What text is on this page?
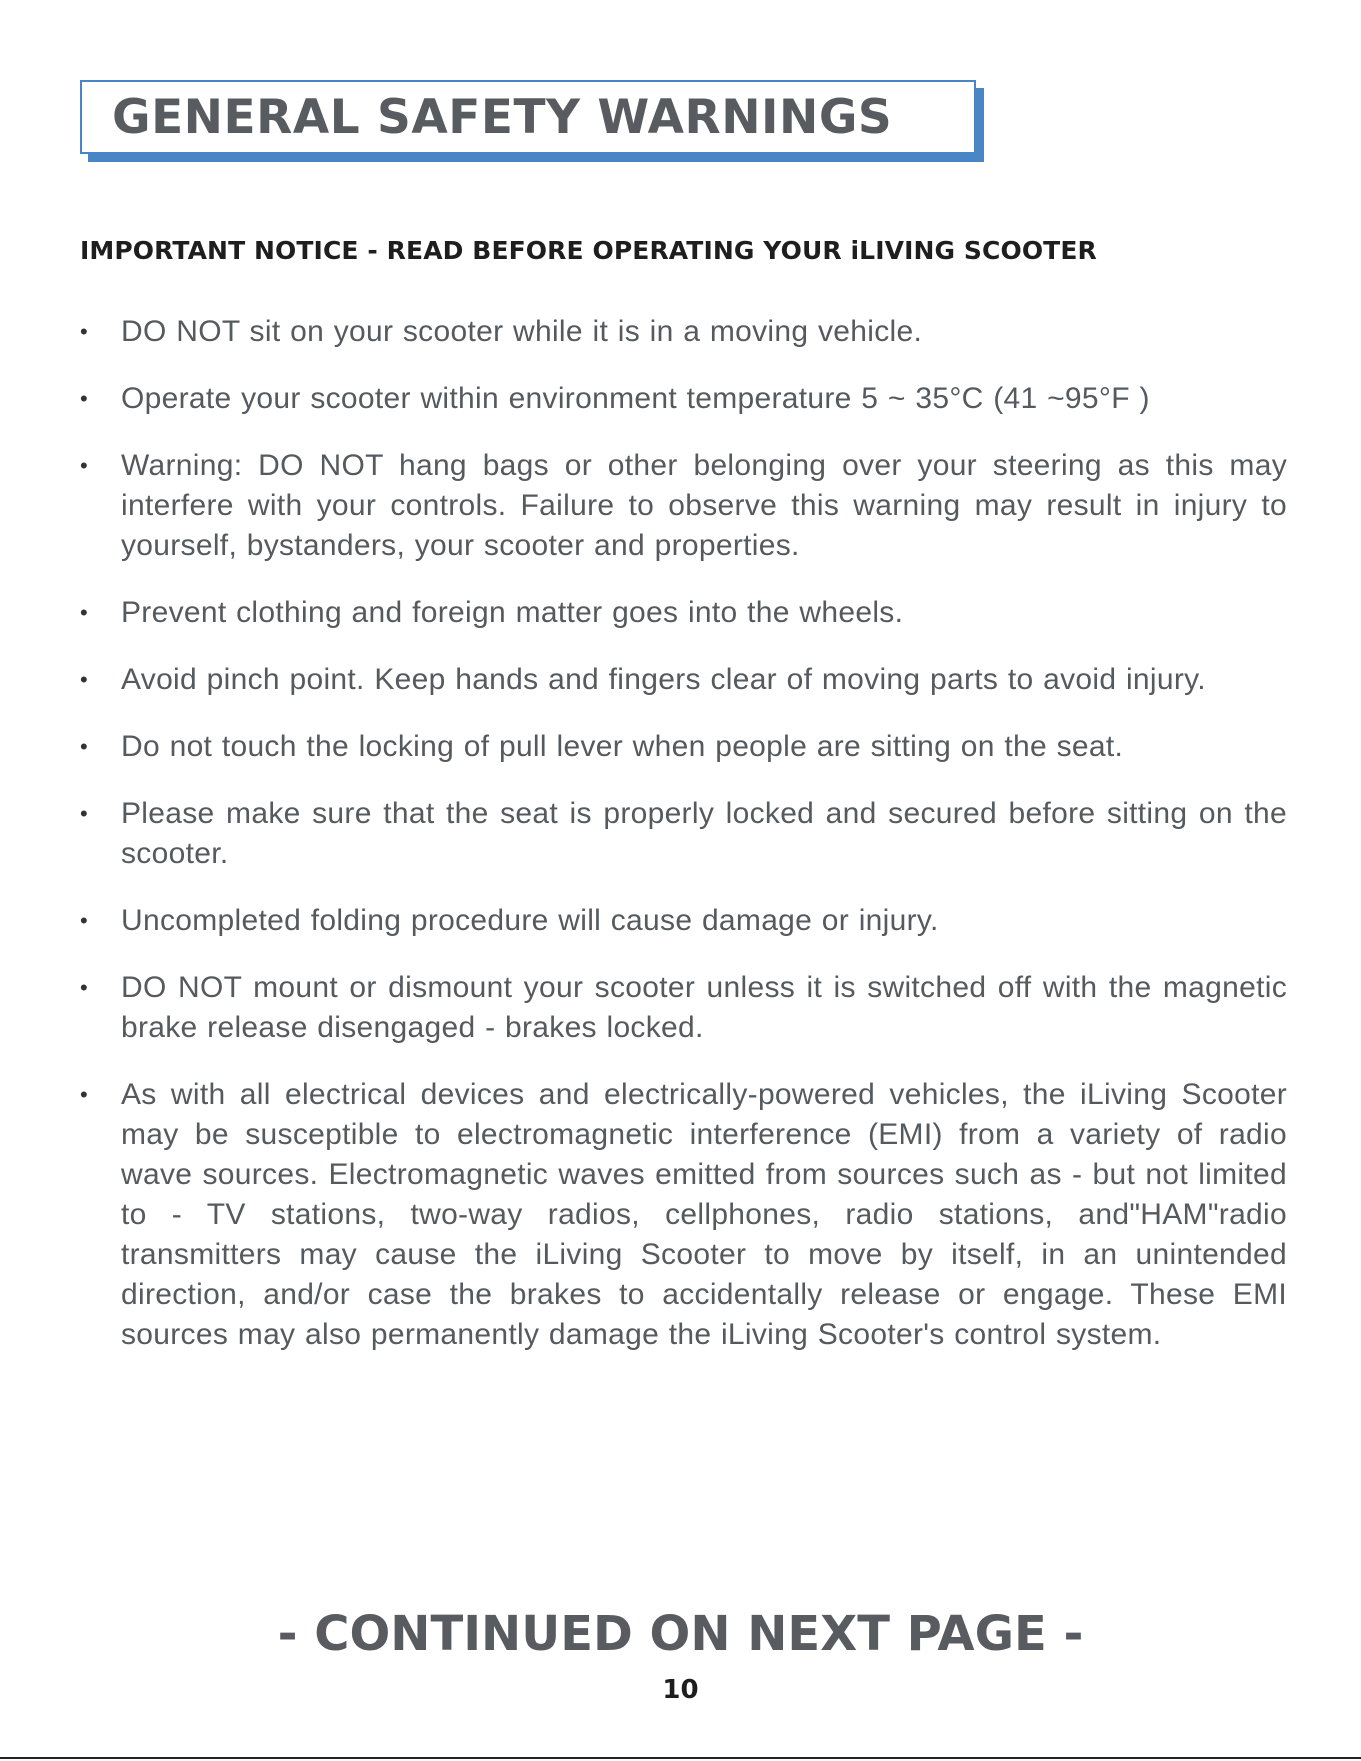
GENERAL SAFETY WARNINGS
IMPORTANT NOTICE - READ BEFORE OPERATING YOUR iLIVING SCOOTER
•	DO NOT sit on your scooter while it is in a moving vehicle.
•	Operate your scooter within environment temperature 5 ~ 35°C (41 ~95°F )
•	Warning: DO NOT hang bags or other belonging over your steering as this may interfere with your controls. Failure to observe this warning may result in injury to yourself, bystanders, your scooter and properties.
•	Prevent clothing and foreign matter goes into the wheels.
•	Avoid pinch point. Keep hands and fingers clear of moving parts to avoid injury.
•	Do not touch the locking of pull lever when people are sitting on the seat.
•	Please make sure that the seat is properly locked and secured before sitting on the scooter.
•	Uncompleted folding procedure will cause damage or injury.
•	DO NOT mount or dismount your scooter unless it is switched off with the magnetic brake release disengaged - brakes locked.
•	As with all electrical devices and electrically-powered vehicles, the iLiving Scooter may be susceptible to electromagnetic interference (EMI) from a variety of radio wave sources. Electromagnetic waves emitted from sources such as - but not limited to - TV stations, two-way radios, cellphones, radio stations, and"HAM"radio transmitters may cause the iLiving Scooter to move by itself, in an unintended direction, and/or case the brakes to accidentally release or engage. These EMI sources may also permanently damage the iLiving Scooter's control system.
- CONTINUED ON NEXT PAGE -
10
